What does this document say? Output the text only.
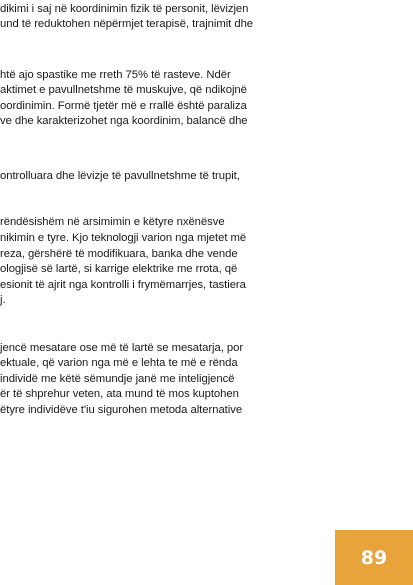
dikimi i saj në koordinimin fizik të personit, lëvizjen
und të reduktohen nëpërmjet terapisë, trajnimit dhe
htë ajo spastike me rreth 75% të rasteve. Ndër
aktimet e pavullnetshme të muskujve, që ndikojnë
oordinimin. Formë tjetër më e rrallë është paraliza
ve dhe karakterizohet nga koordinim, balancë dhe
ontrolluara dhe lëvizje të pavullnetshme të trupit,
rëndësishëm në arsimimin e këtyre nxënësve
nikimin e tyre. Kjo teknologji varion nga mjetet më
reza, gërshërë të modifikuara, banka dhe vende
ologjisë së lartë, si karrige elektrike me rrota, që
esionit të ajrit nga kontrolli i frymëmarrjes, tastiera
j.
jencë mesatare ose më të lartë se mesatarja, por
ektuale, që varion nga më e lehta te më e rënda
individë me këtë sëmundje janë me inteligjencë
ër të shprehur veten, ata mund të mos kuptohen
ëtyre individëve t'iu sigurohen metoda alternative
89
